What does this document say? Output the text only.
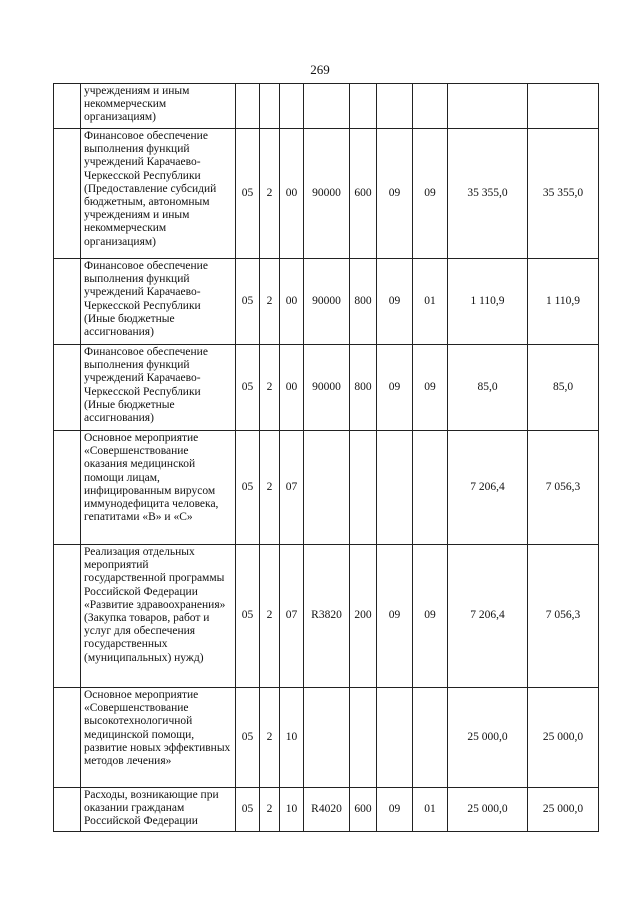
269
	учреждениям и иным некоммерческим организациям)									
	Финансовое обеспечение выполнения функций учреждений Карачаево-Черкесской Республики (Предоставление субсидий бюджетным, автономным учреждениям и иным некоммерческим организациям)	05	2	00	90000	600	09	09	35 355,0	35 355,0
	Финансовое обеспечение выполнения функций учреждений Карачаево-Черкесской Республики (Иные бюджетные ассигнования)	05	2	00	90000	800	09	01	1 110,9	1 110,9
	Финансовое обеспечение выполнения функций учреждений Карачаево-Черкесской Республики (Иные бюджетные ассигнования)	05	2	00	90000	800	09	09	85,0	85,0
	Основное мероприятие «Совершенствование оказания медицинской помощи лицам, инфицированным вирусом иммунодефицита человека, гепатитами «В» и «С»	05	2	07					7 206,4	7 056,3
	Реализация отдельных мероприятий государственной программы Российской Федерации «Развитие здравоохранения» (Закупка товаров, работ и услуг для обеспечения государственных (муниципальных) нужд)	05	2	07	R3820	200	09	09	7 206,4	7 056,3
	Основное мероприятие «Совершенствование высокотехнологичной медицинской помощи, развитие новых эффективных методов лечения»	05	2	10					25 000,0	25 000,0
	Расходы, возникающие при оказании гражданам Российской Федерации	05	2	10	R4020	600	09	01	25 000,0	25 000,0
